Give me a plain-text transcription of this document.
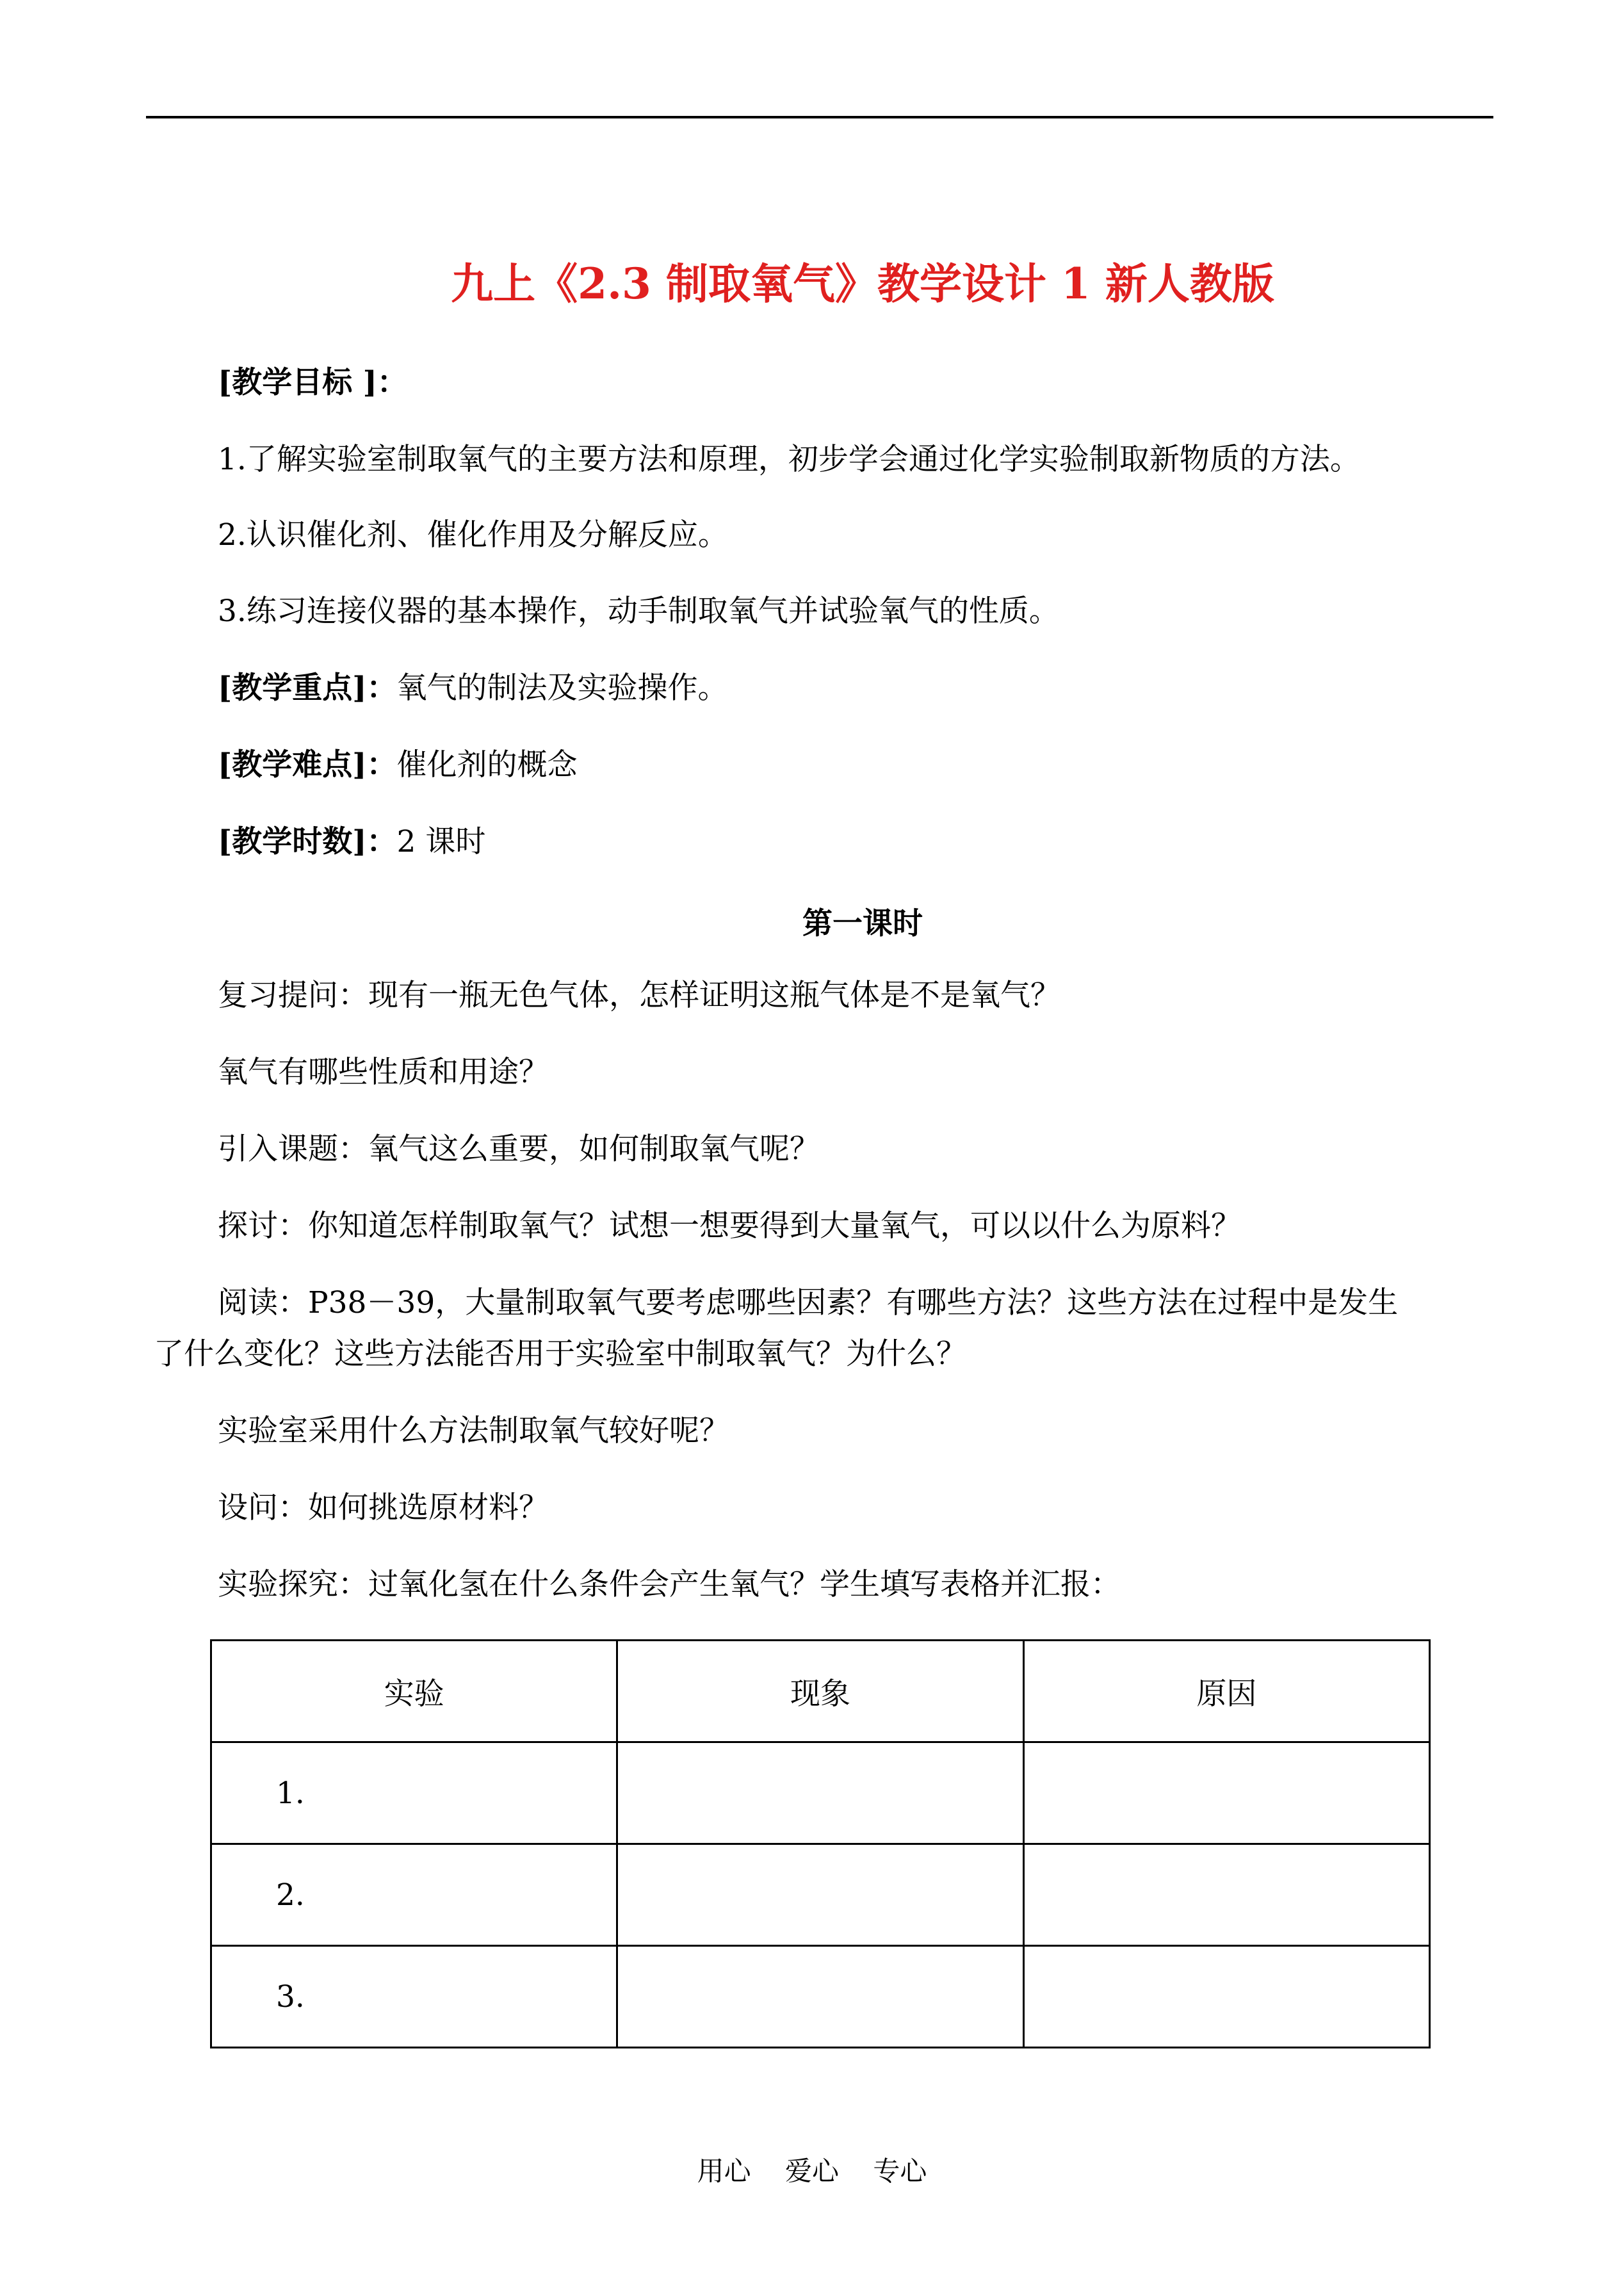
九上《2.3 制取氧气》教学设计 1 新人教版
[教学目标 ]：
1.了解实验室制取氧气的主要方法和原理，初步学会通过化学实验制取新物质的方法。
2.认识催化剂、催化作用及分解反应。
3.练习连接仪器的基本操作，动手制取氧气并试验氧气的性质。
[教学重点]：氧气的制法及实验操作。
[教学难点]：催化剂的概念
[教学时数]：2 课时
第一课时
复习提问：现有一瓶无色气体，怎样证明这瓶气体是不是氧气？
氧气有哪些性质和用途？
引入课题：氧气这么重要，如何制取氧气呢？
探讨：你知道怎样制取氧气？试想一想要得到大量氧气，可以以什么为原料？
阅读：P38－39，大量制取氧气要考虑哪些因素？有哪些方法？这些方法在过程中是发生
了什么变化？这些方法能否用于实验室中制取氧气？为什么？
实验室采用什么方法制取氧气较好呢？
设问：如何挑选原材料？
实验探究：过氧化氢在什么条件会产生氧气？学生填写表格并汇报：
实验	现象	原因
1.		
2.		
3.		
用心    爱心    专心
